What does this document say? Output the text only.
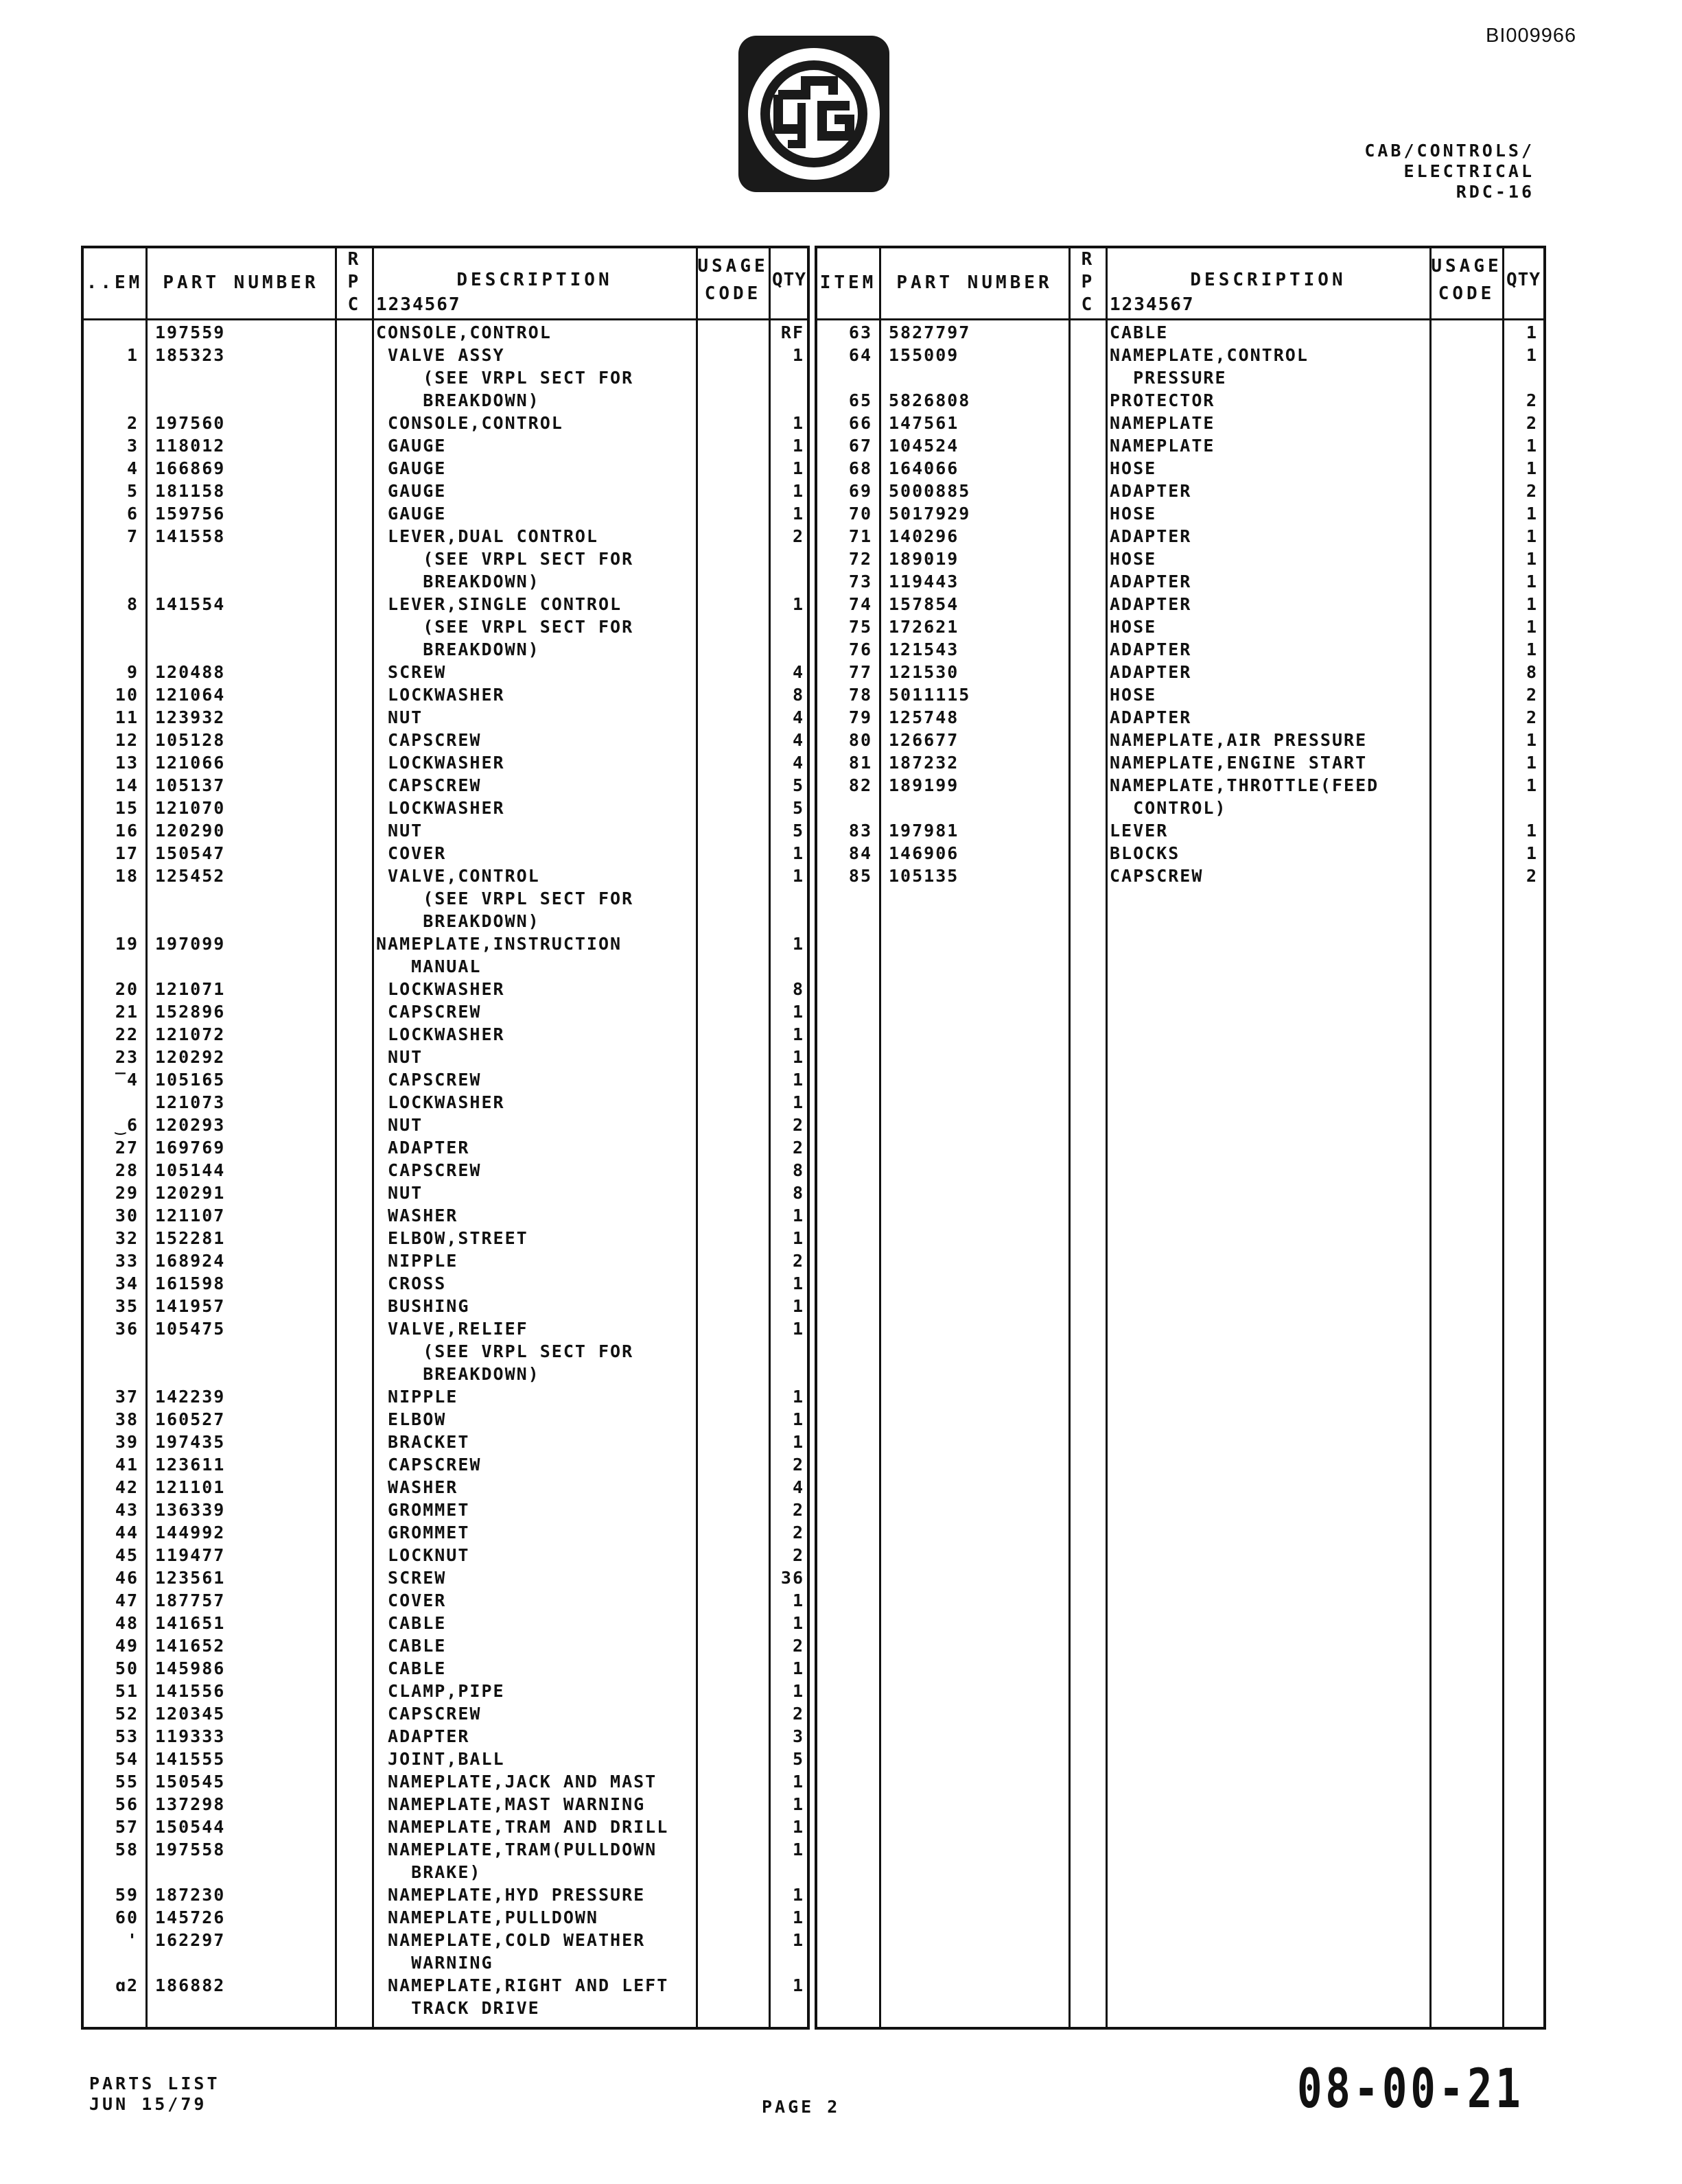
BI009966
CAB/CONTROLS/
ELECTRICAL
RDC-16
..EM	PART NUMBER
R
P
C
DESCRIPTION
1234567
USAGE
CODE
QTY
197559	CONSOLE,CONTROL	RF
1 185323	VALVE ASSY	1
(SEE VRPL SECT FOR
BREAKDOWN)
2 197560	CONSOLE,CONTROL	1
3 118012	GAUGE	1
4 166869	GAUGE	1
5 181158	GAUGE	1
6 159756	GAUGE	1
7 141558	LEVER,DUAL CONTROL	2
(SEE VRPL SECT FOR
BREAKDOWN)
8 141554	LEVER,SINGLE CONTROL	1
(SEE VRPL SECT FOR
BREAKDOWN)
9 120488	SCREW	4
10 121064	LOCKWASHER	8
11 123932	NUT	4
12 105128	CAPSCREW	4
13 121066	LOCKWASHER	4
14 105137	CAPSCREW	5
15 121070	LOCKWASHER	5
16 120290	NUT	5
17 150547	COVER	1
18 125452	VALVE,CONTROL	1
(SEE VRPL SECT FOR
BREAKDOWN)
19 197099	NAMEPLATE,INSTRUCTION	1
MANUAL
20 121071	LOCKWASHER	8
21 152896	CAPSCREW	1
22 121072	LOCKWASHER	1
23 120292	NUT	1
‾4 105165	CAPSCREW	1
121073	LOCKWASHER	1
‿6 120293	NUT	2
27 169769	ADAPTER	2
28 105144	CAPSCREW	8
29 120291	NUT	8
30 121107	WASHER	1
32 152281	ELBOW,STREET	1
33 168924	NIPPLE	2
34 161598	CROSS	1
35 141957	BUSHING	1
36 105475	VALVE,RELIEF	1
(SEE VRPL SECT FOR
BREAKDOWN)
37 142239	NIPPLE	1
38 160527	ELBOW	1
39 197435	BRACKET	1
41 123611	CAPSCREW	2
42 121101	WASHER	4
43 136339	GROMMET	2
44 144992	GROMMET	2
45 119477	LOCKNUT	2
46 123561	SCREW	36
47 187757	COVER	1
48 141651	CABLE	1
49 141652	CABLE	2
50 145986	CABLE	1
51 141556	CLAMP,PIPE	1
52 120345	CAPSCREW	2
53 119333	ADAPTER	3
54 141555	JOINT,BALL	5
55 150545	NAMEPLATE,JACK AND MAST	1
56 137298	NAMEPLATE,MAST WARNING	1
57 150544	NAMEPLATE,TRAM AND DRILL	1
58 197558	NAMEPLATE,TRAM(PULLDOWN	1
BRAKE)
59 187230	NAMEPLATE,HYD PRESSURE	1
60 145726	NAMEPLATE,PULLDOWN	1
' 162297	NAMEPLATE,COLD WEATHER	1
WARNING
ɑ2 186882	NAMEPLATE,RIGHT AND LEFT	1
TRACK DRIVE
ITEM	PART NUMBER
R
P
C
DESCRIPTION
1234567
USAGE
CODE
QTY
63 5827797	CABLE	1
64 155009	NAMEPLATE,CONTROL	1
PRESSURE
65 5826808	PROTECTOR	2
66 147561	NAMEPLATE	2
67 104524	NAMEPLATE	1
68 164066	HOSE	1
69 5000885	ADAPTER	2
70 5017929	HOSE	1
71 140296	ADAPTER	1
72 189019	HOSE	1
73 119443	ADAPTER	1
74 157854	ADAPTER	1
75 172621	HOSE	1
76 121543	ADAPTER	1
77 121530	ADAPTER	8
78 5011115	HOSE	2
79 125748	ADAPTER	2
80 126677	NAMEPLATE,AIR PRESSURE	1
81 187232	NAMEPLATE,ENGINE START	1
82 189199	NAMEPLATE,THROTTLE(FEED	1
CONTROL)
83 197981	LEVER	1
84 146906	BLOCKS	1
85 105135	CAPSCREW	2
PARTS LIST
JUN 15/79	PAGE 2	08-00-21
